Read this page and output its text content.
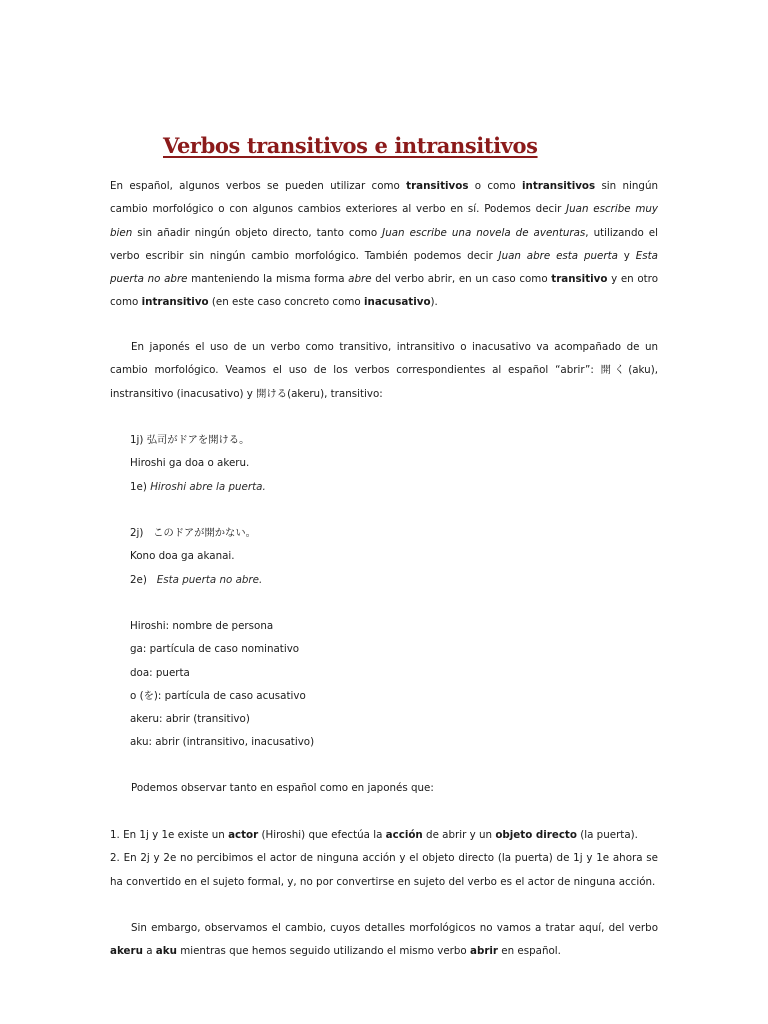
Verbos transitivos e intransitivos

En español, algunos verbos se pueden utilizar como transitivos o como intransitivos sin ningún cambio morfológico o con algunos cambios exteriores al verbo en sí. Podemos decir Juan escribe muy bien sin añadir ningún objeto directo, tanto como Juan escribe una novela de aventuras, utilizando el verbo escribir sin ningún cambio morfológico. También podemos decir Juan abre esta puerta y Esta puerta no abre manteniendo la misma forma abre del verbo abrir, en un caso como transitivo y en otro como intransitivo (en este caso concreto como inacusativo).

En japonés el uso de un verbo como transitivo, intransitivo o inacusativo va acompañado de un cambio morfológico. Veamos el uso de los verbos correspondientes al español “abrir”: 開く(aku), instransitivo (inacusativo) y 開ける(akeru), transitivo:

1j) 弘司がドアを開ける。
Hiroshi ga doa o akeru.
1e) Hiroshi abre la puerta.
2j) このドアが開かない。
Kono doa ga akanai.
2e) Esta puerta no abre.
Hiroshi: nombre de persona
ga: partícula de caso nominativo
doa: puerta
o (を): partícula de caso acusativo
akeru: abrir (transitivo)
aku: abrir (intransitivo, inacusativo)

Podemos observar tanto en español como en japonés que:

1. En 1j y 1e existe un actor (Hiroshi) que efectúa la acción de abrir y un objeto directo (la puerta).
2. En 2j y 2e no percibimos el actor de ninguna acción y el objeto directo (la puerta) de 1j y 1e ahora se ha convertido en el sujeto formal, y, no por convertirse en sujeto del verbo es el actor de ninguna acción.

Sin embargo, observamos el cambio, cuyos detalles morfológicos no vamos a tratar aquí, del verbo akeru a aku mientras que hemos seguido utilizando el mismo verbo abrir en español.
